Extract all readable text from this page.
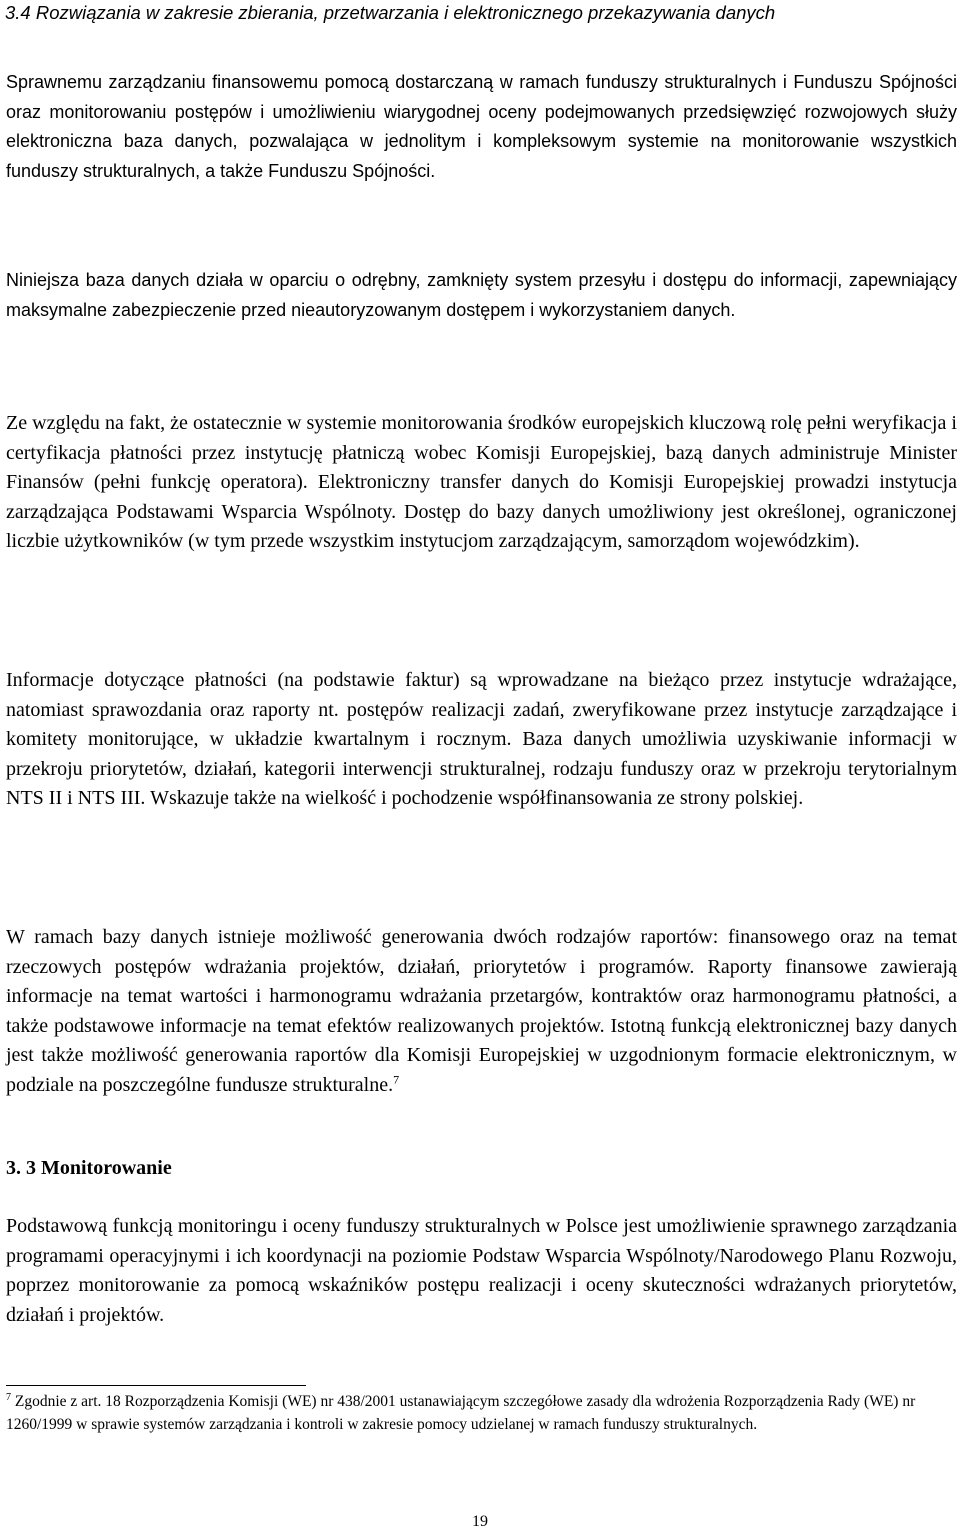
3.4 Rozwiązania w zakresie zbierania, przetwarzania i elektronicznego przekazywania danych

Sprawnemu zarządzaniu finansowemu pomocą dostarczaną w ramach funduszy strukturalnych i Funduszu Spójności oraz monitorowaniu postępów i umożliwieniu wiarygodnej oceny podejmowanych przedsięwzięć rozwojowych służy elektroniczna baza danych, pozwalająca w jednolitym i kompleksowym systemie na monitorowanie wszystkich funduszy strukturalnych, a także Funduszu Spójności.

Niniejsza baza danych działa w oparciu o odrębny, zamknięty system przesyłu i dostępu do informacji, zapewniający maksymalne zabezpieczenie przed nieautoryzowanym dostępem i wykorzystaniem danych.

Ze względu na fakt, że ostatecznie w systemie monitorowania środków europejskich kluczową rolę pełni weryfikacja i certyfikacja płatności przez instytucję płatniczą wobec Komisji Europejskiej, bazą danych administruje Minister Finansów (pełni funkcję operatora). Elektroniczny transfer danych do Komisji Europejskiej prowadzi instytucja zarządzająca Podstawami Wsparcia Wspólnoty. Dostęp do bazy danych umożliwiony jest określonej, ograniczonej liczbie użytkowników (w tym przede wszystkim instytucjom zarządzającym, samorządom wojewódzkim).

Informacje dotyczące płatności (na podstawie faktur) są wprowadzane na bieżąco przez instytucje wdrażające, natomiast sprawozdania oraz raporty nt. postępów realizacji zadań, zweryfikowane przez instytucje zarządzające i komitety monitorujące, w układzie kwartalnym i rocznym. Baza danych umożliwia uzyskiwanie informacji w przekroju priorytetów, działań, kategorii interwencji strukturalnej, rodzaju funduszy oraz w przekroju terytorialnym NTS II i NTS III. Wskazuje także na wielkość i pochodzenie współfinansowania ze strony polskiej.

W ramach bazy danych istnieje możliwość generowania dwóch rodzajów raportów: finansowego oraz na temat rzeczowych postępów wdrażania projektów, działań, priorytetów i programów. Raporty finansowe zawierają informacje na temat wartości i harmonogramu wdrażania przetargów, kontraktów oraz harmonogramu płatności, a także podstawowe informacje na temat efektów realizowanych projektów. Istotną funkcją elektronicznej bazy danych jest także możliwość generowania raportów dla Komisji Europejskiej w uzgodnionym formacie elektronicznym, w podziale na poszczególne fundusze strukturalne.$^7$

3. 3 Monitorowanie

Podstawową funkcją monitoringu i oceny funduszy strukturalnych w Polsce jest umożliwienie sprawnego zarządzania programami operacyjnymi i ich koordynacji na poziomie Podstaw Wsparcia Wspólnoty/Narodowego Planu Rozwoju, poprzez monitorowanie za pomocą wskaźników postępu realizacji i oceny skuteczności wdrażanych priorytetów, działań i projektów.

$^7$ Zgodnie z art. 18 Rozporządzenia Komisji (WE) nr 438/2001 ustanawiającym szczegółowe zasady dla wdrożenia Rozporządzenia Rady (WE) nr 1260/1999 w sprawie systemów zarządzania i kontroli w zakresie pomocy udzielanej w ramach funduszy strukturalnych.

19
